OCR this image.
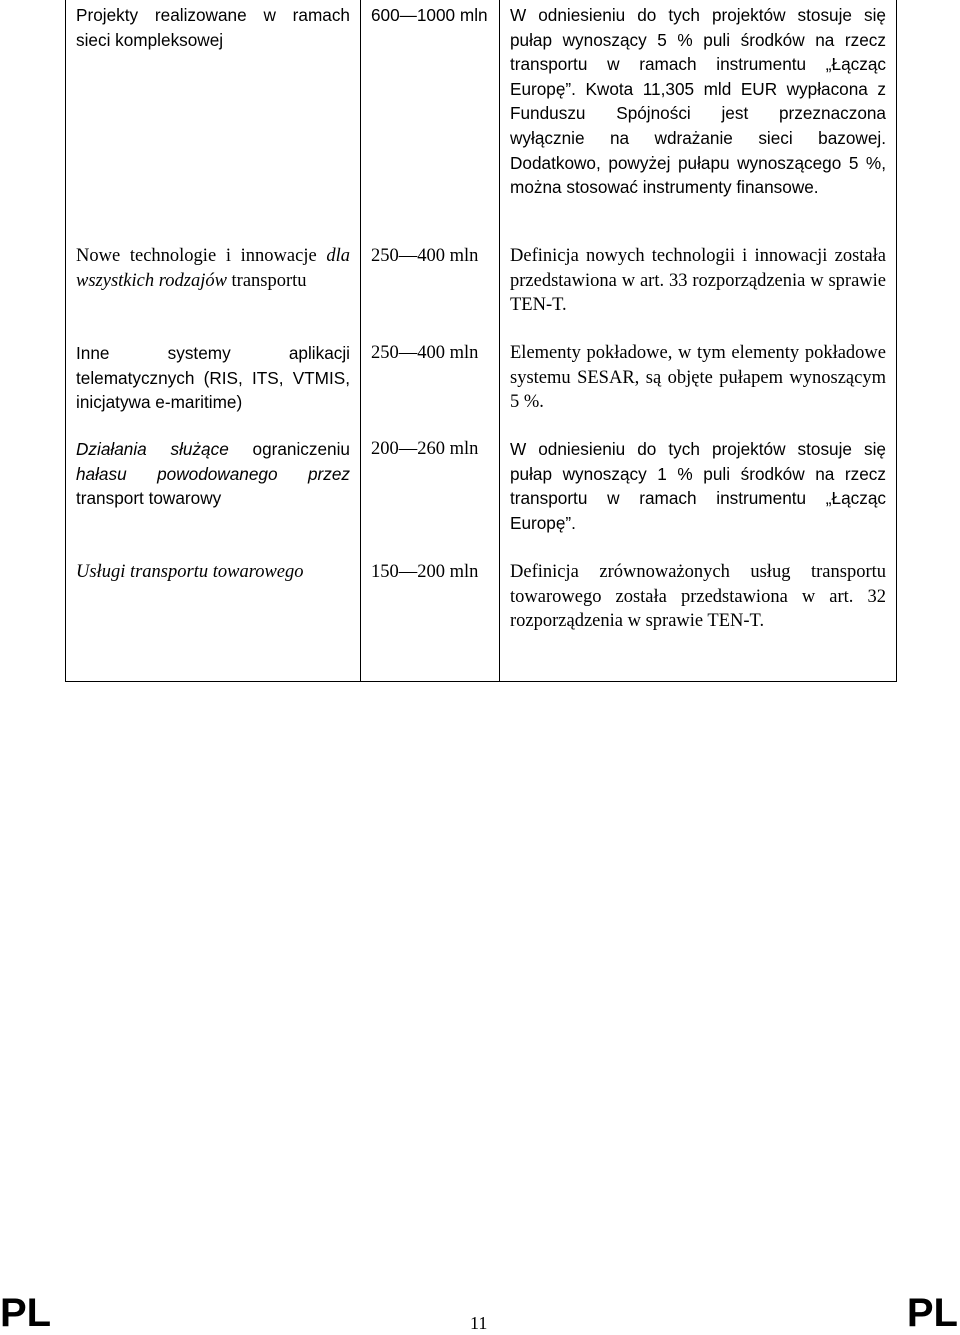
Projekty realizowane w ramach sieci kompleksowej	600—1000 mln	W odniesieniu do tych projektów stosuje się pułap wynoszący 5 % puli środków na rzecz transportu w ramach instrumentu „Łącząc Europę”. Kwota 11,305 mld EUR wypłacona z Funduszu Spójności jest przeznaczona wyłącznie na wdrażanie sieci bazowej. Dodatkowo, powyżej pułapu wynoszącego 5 %, można stosować instrumenty finansowe.

Nowe technologie i innowacje dla wszystkich rodzajów transportu	250—400 mln	Definicja nowych technologii i innowacji została przedstawiona w art. 33 rozporządzenia w sprawie TEN-T.

Inne systemy aplikacji telematycznych (RIS, ITS, VTMIS, inicjatywa e-maritime)	250—400 mln	Elementy pokładowe, w tym elementy pokładowe systemu SESAR, są objęte pułapem wynoszącym 5 %.

Działania służące ograniczeniu hałasu powodowanego przez transport towarowy	200—260 mln	W odniesieniu do tych projektów stosuje się pułap wynoszący 1 % puli środków na rzecz transportu w ramach instrumentu „Łącząc Europę”.

Usługi transportu towarowego	150—200 mln	Definicja zrównoważonych usług transportu towarowego została przedstawiona w art. 32 rozporządzenia w sprawie TEN-T.
PL	11	PL
